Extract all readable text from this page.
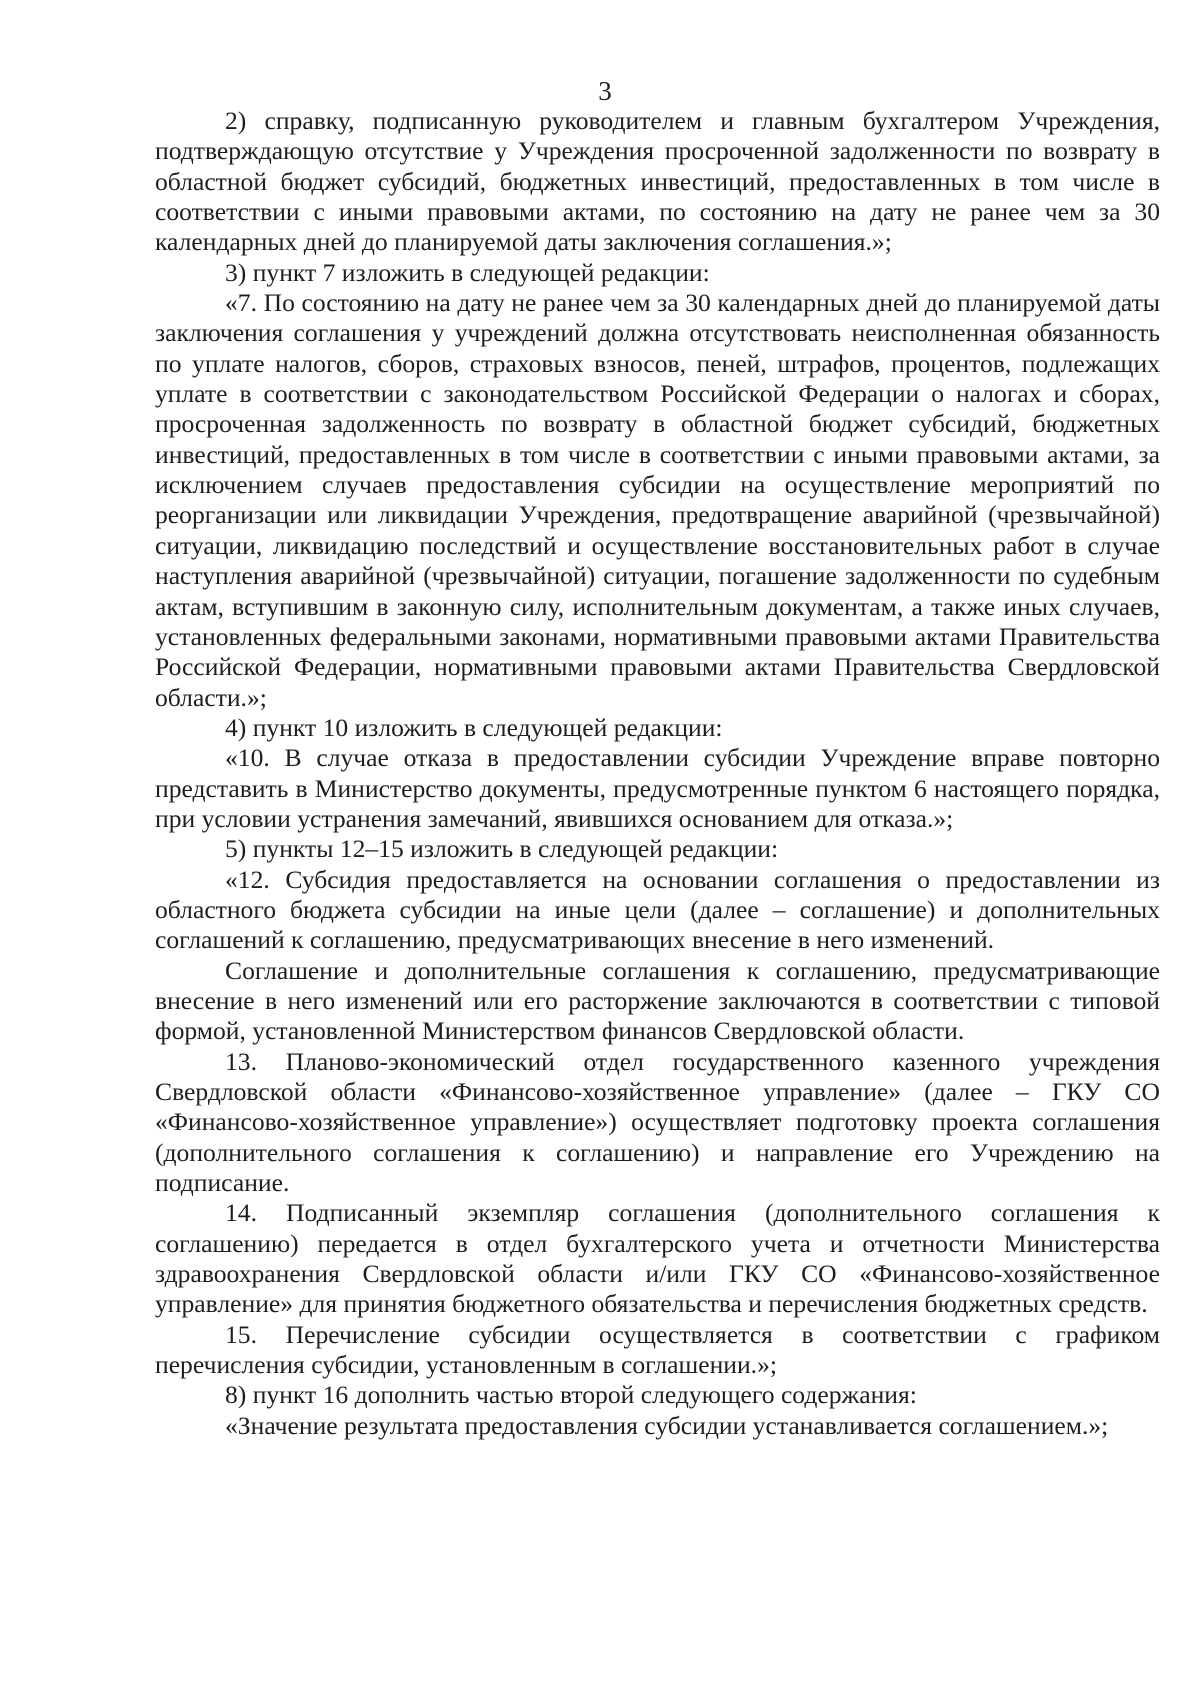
3

2) справку, подписанную руководителем и главным бухгалтером Учреждения, подтверждающую отсутствие у Учреждения просроченной задолженности по возврату в областной бюджет субсидий, бюджетных инвестиций, предоставленных в том числе в соответствии с иными правовыми актами, по состоянию на дату не ранее чем за 30 календарных дней до планируемой даты заключения соглашения.»;

3) пункт 7 изложить в следующей редакции:

«7. По состоянию на дату не ранее чем за 30 календарных дней до планируемой даты заключения соглашения у учреждений должна отсутствовать неисполненная обязанность по уплате налогов, сборов, страховых взносов, пеней, штрафов, процентов, подлежащих уплате в соответствии с законодательством Российской Федерации о налогах и сборах, просроченная задолженность по возврату в областной бюджет субсидий, бюджетных инвестиций, предоставленных в том числе в соответствии с иными правовыми актами, за исключением случаев предоставления субсидии на осуществление мероприятий по реорганизации или ликвидации Учреждения, предотвращение аварийной (чрезвычайной) ситуации, ликвидацию последствий и осуществление восстановительных работ в случае наступления аварийной (чрезвычайной) ситуации, погашение задолженности по судебным актам, вступившим в законную силу, исполнительным документам, а также иных случаев, установленных федеральными законами, нормативными правовыми актами Правительства Российской Федерации, нормативными правовыми актами Правительства Свердловской области.»;

4) пункт 10 изложить в следующей редакции:

«10. В случае отказа в предоставлении субсидии Учреждение вправе повторно представить в Министерство документы, предусмотренные пунктом 6 настоящего порядка, при условии устранения замечаний, явившихся основанием для отказа.»;

5) пункты 12–15 изложить в следующей редакции:

«12. Субсидия предоставляется на основании соглашения о предоставлении из областного бюджета субсидии на иные цели (далее – соглашение) и дополнительных соглашений к соглашению, предусматривающих внесение в него изменений.

Соглашение и дополнительные соглашения к соглашению, предусматривающие внесение в него изменений или его расторжение заключаются в соответствии с типовой формой, установленной Министерством финансов Свердловской области.

13. Планово-экономический отдел государственного казенного учреждения Свердловской области «Финансово-хозяйственное управление» (далее – ГКУ СО «Финансово-хозяйственное управление») осуществляет подготовку проекта соглашения (дополнительного соглашения к соглашению) и направление его Учреждению на подписание.

14. Подписанный экземпляр соглашения (дополнительного соглашения к соглашению) передается в отдел бухгалтерского учета и отчетности Министерства здравоохранения Свердловской области и/или ГКУ СО «Финансово-хозяйственное управление» для принятия бюджетного обязательства и перечисления бюджетных средств.

15. Перечисление субсидии осуществляется в соответствии с графиком перечисления субсидии, установленным в соглашении.»;

8) пункт 16 дополнить частью второй следующего содержания:

«Значение результата предоставления субсидии устанавливается соглашением.»;
